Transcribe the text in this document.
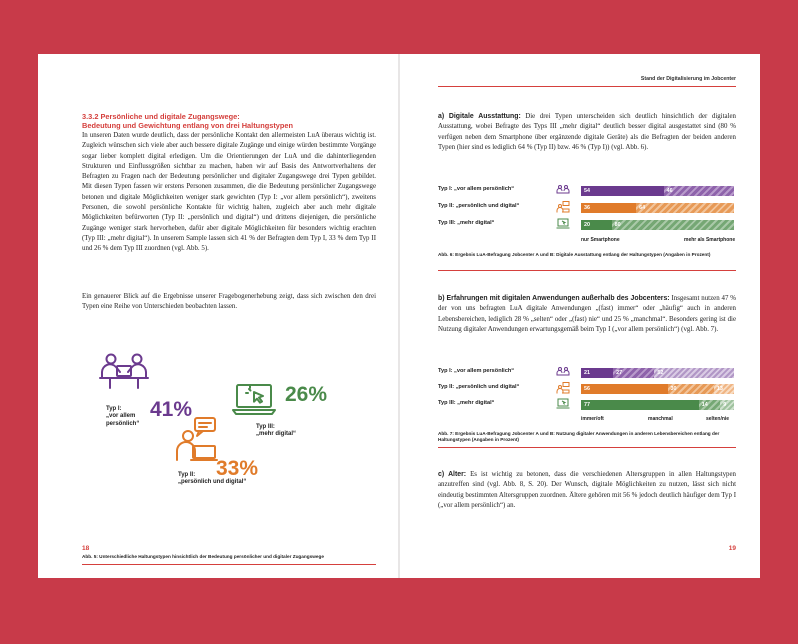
3.3.2 Persönliche und digitale Zugangswege:
Bedeutung und Gewichtung entlang von drei Haltungstypen
In unseren Daten wurde deutlich, dass der persönliche Kontakt den allermeisten LuA überaus wichtig ist. Zugleich wünschen sich viele aber auch bessere digitale Zugänge und einige würden bestimmte Vorgänge sogar lieber komplett digital erledigen. Um die Orientierungen der LuA und die dahinterliegenden Strukturen und Einflussgrößen sichtbar zu machen, haben wir auf Basis des Antwortverhaltens der Befragten zu Fragen nach der Bedeutung persönlicher und digitaler Zugangswege drei Typen gebildet. Mit diesen Typen fassen wir erstens Personen zusammen, die die Bedeutung persönlicher Zugangswege betonen und digitale Möglichkeiten weniger stark gewichten (Typ I: „vor allem persönlich“), zweitens Personen, die sowohl persönliche Kontakte für wichtig halten, zugleich aber auch mehr digitale Möglichkeiten befürworten (Typ II: „persönlich und digital“) und drittens diejenigen, die persönliche Zugänge weniger stark hervorheben, dafür aber digitale Möglichkeiten für besonders wichtig erachten (Typ III: „mehr digital“). In unserem Sample lassen sich 41 % der Befragten dem Typ I, 33 % dem Typ II und 26 % dem Typ III zuordnen (vgl. Abb. 5).
Ein genauerer Blick auf die Ergebnisse unserer Fragebogenerhebung zeigt, dass sich zwischen den drei Typen eine Reihe von Unterschieden beobachten lassen.
Typ I:
„vor allem
persönlich“
41%
Typ II:
„persönlich und digital“
33%
26%
Typ III:
„mehr digital“
Abb. 5: Unterschiedliche Haltungstypen hinsichtlich der Bedeutung persönlicher und digitaler Zugangswege
18
Stand der Digitalisierung im Jobcenter
a) Digitale Ausstattung: Die drei Typen unterscheiden sich deutlich hinsichtlich der digitalen Ausstattung, wobei Befragte des Typs III „mehr digital“ deutlich besser digital ausgestattet sind (80 % verfügen neben dem Smartphone über ergänzende digitale Geräte) als die Befragten der beiden anderen Typen (hier sind es lediglich 64 % (Typ II) bzw. 46 % (Typ I)) (vgl. Abb. 6).
Typ I: „vor allem persönlich“	54	46
Typ II: „persönlich und digital“	36	64
Typ III: „mehr digital“	20	80
nur Smartphone	mehr als Smartphone
Abb. 6: Ergebnis LuA-Befragung Jobcenter A und B: Digitale Ausstattung entlang der Haltungstypen (Angaben in Prozent)
b) Erfahrungen mit digitalen Anwendungen außerhalb des Jobcenters: Insgesamt nutzen 47 % der von uns befragten LuA digitale Anwendungen „(fast) immer“ oder „häufig“ auch in anderen Lebensbereichen, lediglich 28 % „selten“ oder „(fast) nie“ und 25 % „manchmal“. Besonders gering ist die Nutzung digitaler Anwendungen erwartungsgemäß beim Typ I („vor allem persönlich“) (vgl. Abb. 7).
Typ I: „vor allem persönlich“	21	27	52
Typ II: „persönlich und digital“	56	30	13
Typ III: „mehr digital“	77	14	9
immer/oft	manchmal	selten/nie
Abb. 7: Ergebnis LuA-Befragung Jobcenter A und B: Nutzung digitaler Anwendungen in anderen Lebensbereichen entlang der Haltungstypen (Angaben in Prozent)
c) Alter: Es ist wichtig zu betonen, dass die verschiedenen Altersgruppen in allen Haltungstypen anzutreffen sind (vgl. Abb. 8, S. 20). Der Wunsch, digitale Möglichkeiten zu nutzen, lässt sich nicht eindeutig bestimmten Altersgruppen zuordnen. Ältere gehören mit 56 % jedoch deutlich häufiger dem Typ I („vor allem persönlich“) an.
19
